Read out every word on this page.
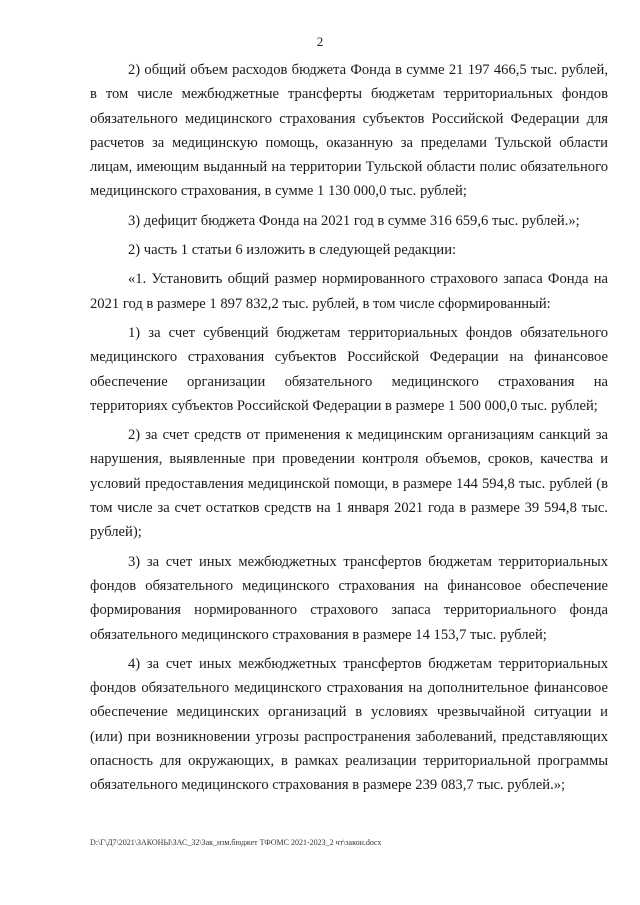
2

2) общий объем расходов бюджета Фонда в сумме 21 197 466,5 тыс. рублей, в том числе межбюджетные трансферты бюджетам территориальных фондов обязательного медицинского страхования субъектов Российской Федерации для расчетов за медицинскую помощь, оказанную за пределами Тульской области лицам, имеющим выданный на территории Тульской области полис обязательного медицинского страхования, в сумме 1 130 000,0 тыс. рублей;

3) дефицит бюджета Фонда на 2021 год в сумме 316 659,6 тыс. рублей.»;

2) часть 1 статьи 6 изложить в следующей редакции:

«1. Установить общий размер нормированного страхового запаса Фонда на 2021 год в размере 1 897 832,2 тыс. рублей, в том числе сформированный:

1) за счет субвенций бюджетам территориальных фондов обязательного медицинского страхования субъектов Российской Федерации на финансовое обеспечение организации обязательного медицинского страхования на территориях субъектов Российской Федерации в размере 1 500 000,0 тыс. рублей;

2) за счет средств от применения к медицинским организациям санкций за нарушения, выявленные при проведении контроля объемов, сроков, качества и условий предоставления медицинской помощи, в размере 144 594,8 тыс. рублей (в том числе за счет остатков средств на 1 января 2021 года в размере 39 594,8 тыс. рублей);

3) за счет иных межбюджетных трансфертов бюджетам территориальных фондов обязательного медицинского страхования на финансовое обеспечение формирования нормированного страхового запаса территориального фонда обязательного медицинского страхования в размере 14 153,7 тыс. рублей;

4) за счет иных межбюджетных трансфертов бюджетам территориальных фондов обязательного медицинского страхования на дополнительное финансовое обеспечение медицинских организаций в условиях чрезвычайной ситуации и (или) при возникновении угрозы распространения заболеваний, представляющих опасность для окружающих, в рамках реализации территориальной программы обязательного медицинского страхования в размере 239 083,7 тыс. рублей.»;

D:\Г\Д7\2021\ЗАКОНЫ\ЗАС_32\Зак_изм.бюджет ТФОМС 2021-2023_2 чт\закон.docx
